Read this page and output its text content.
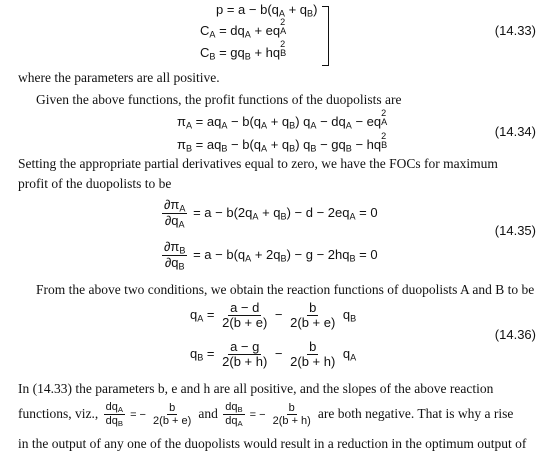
$p = a - b(q_A + q_B)$
$C_A = dq_A$ + eq
2
A
$C_B = gq_B$ + hq
2
B
(14.33)
where the parameters are all positive.
Given the above functions, the profit functions of the duopolists are
$\pi_A = aq_A - b(q_A + q_B) q_A - dq_A$ − eq
2
A
(14.34)
$\pi_B = aq_B - b(q_A + q_B) q_B - gq_B$ − hq
2
B
Setting the appropriate partial derivatives equal to zero, we have the FOCs for maximum
profit of the duopolists to be
$\frac{\partial\pi_A}{\partial q_A} = a - b(2q_A + q_B) - d - 2eq_A = 0$
(14.35)
$\frac{\partial\pi_B}{\partial q_B} = a - b(q_A + 2q_B) - g - 2hq_B = 0$
From the above two conditions, we obtain the reaction functions of duopolists A and B to be
$q_A = \frac{a - d}{2(b + e)} - \frac{b}{2(b + e)} q_B$
(14.36)
$q_B = \frac{a - g}{2(b + h)} - \frac{b}{2(b + h)} q_A$
In (14.33) the parameters b, e and h are all positive, and the slopes of the above reaction
functions, viz., $\frac{dq_A}{dq_B}$ = − $\frac{b}{2(b + e)}$ and $\frac{dq_B}{dq_A}$ = − $\frac{b}{2(b + h)}$ are both negative. That is why a rise
in the output of any one of the duopolists would result in a reduction in the optimum output of
